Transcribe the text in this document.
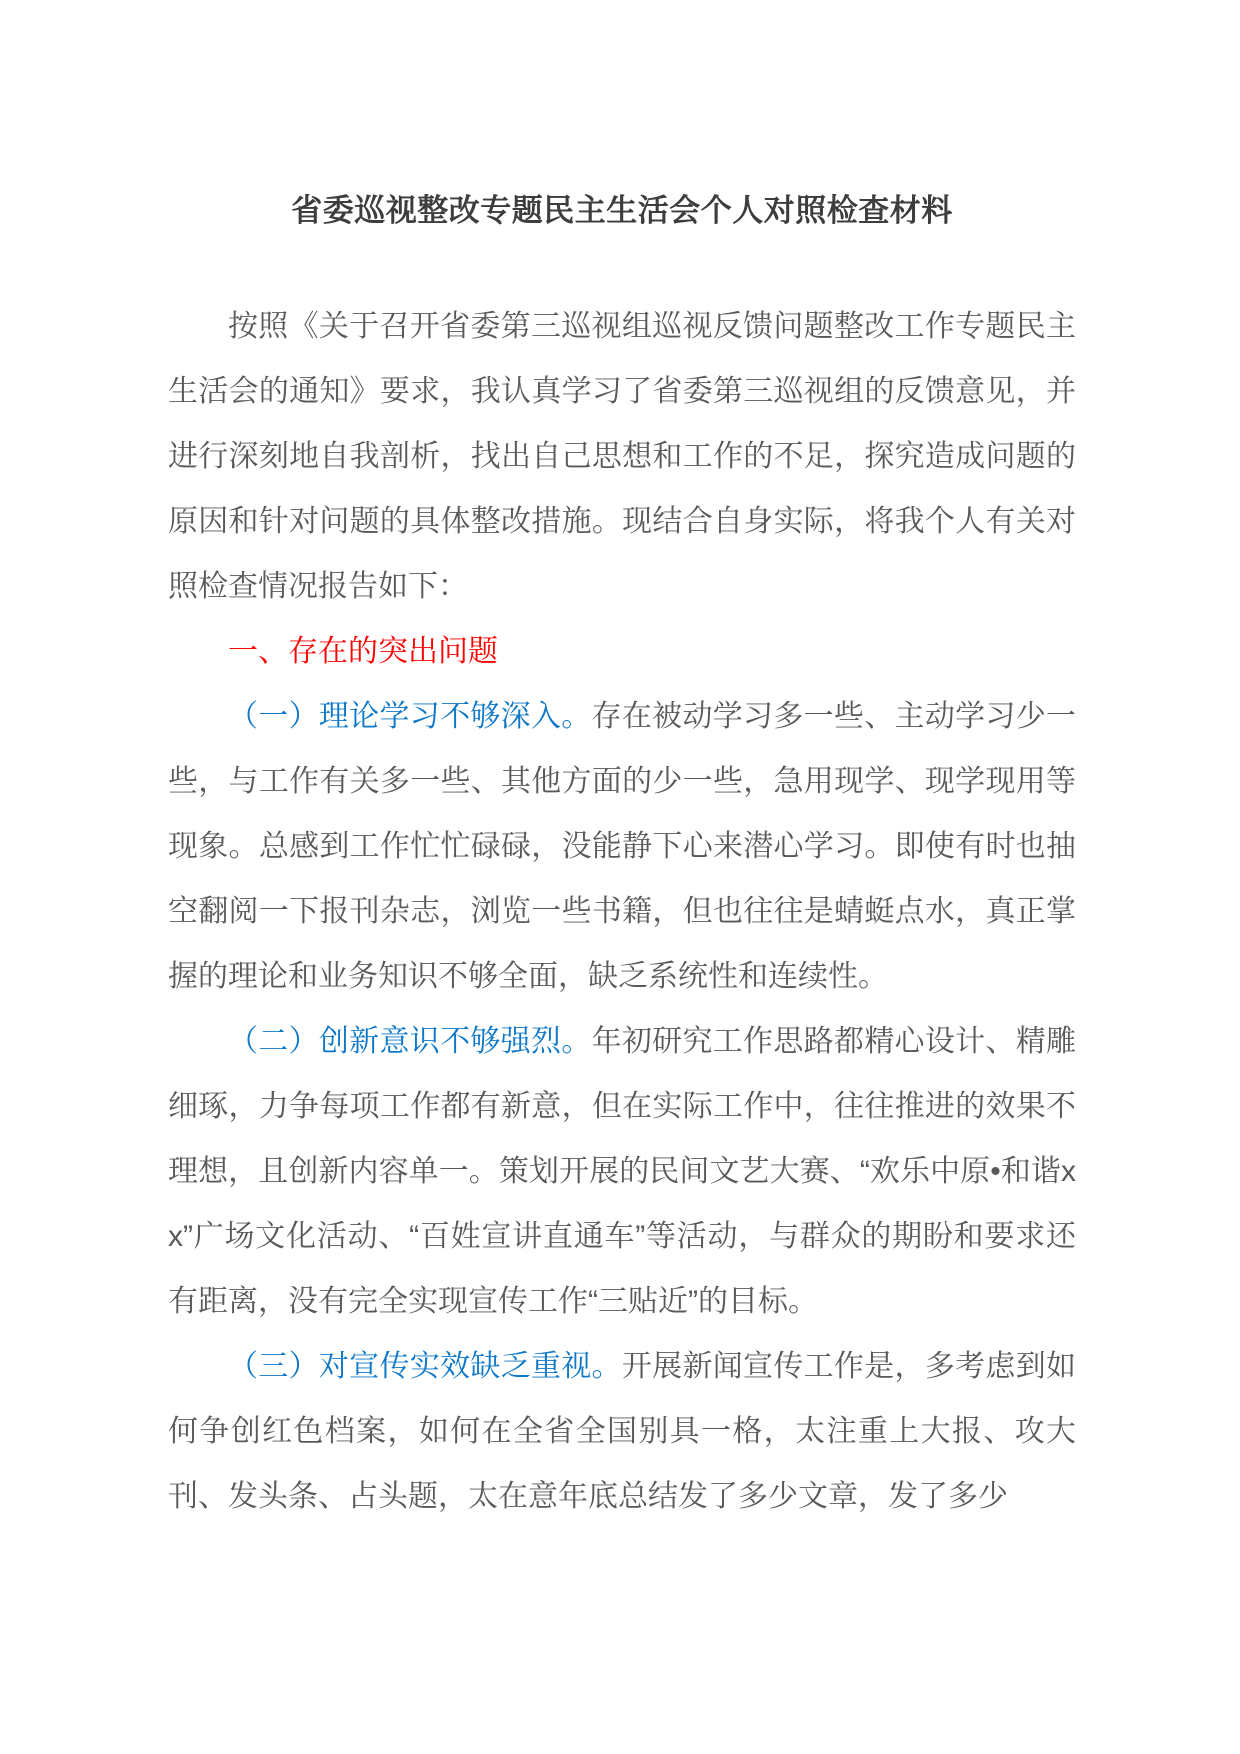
省委巡视整改专题民主生活会个人对照检查材料

按照《关于召开省委第三巡视组巡视反馈问题整改工作专题民主生活会的通知》要求，我认真学习了省委第三巡视组的反馈意见，并进行深刻地自我剖析，找出自己思想和工作的不足，探究造成问题的原因和针对问题的具体整改措施。现结合自身实际，将我个人有关对照检查情况报告如下：

一、存在的突出问题

（一）理论学习不够深入。存在被动学习多一些、主动学习少一些，与工作有关多一些、其他方面的少一些，急用现学、现学现用等现象。总感到工作忙忙碌碌，没能静下心来潜心学习。即使有时也抽空翻阅一下报刊杂志，浏览一些书籍，但也往往是蜻蜓点水，真正掌握的理论和业务知识不够全面，缺乏系统性和连续性。

（二）创新意识不够强烈。年初研究工作思路都精心设计、精雕细琢，力争每项工作都有新意，但在实际工作中，往往推进的效果不理想，且创新内容单一。策划开展的民间文艺大赛、“欢乐中原•和谐xx”广场文化活动、“百姓宣讲直通车”等活动，与群众的期盼和要求还有距离，没有完全实现宣传工作“三贴近”的目标。

（三）对宣传实效缺乏重视。开展新闻宣传工作是，多考虑到如何争创红色档案，如何在全省全国别具一格，太注重上大报、攻大刊、发头条、占头题，太在意年底总结发了多少文章，发了多少
